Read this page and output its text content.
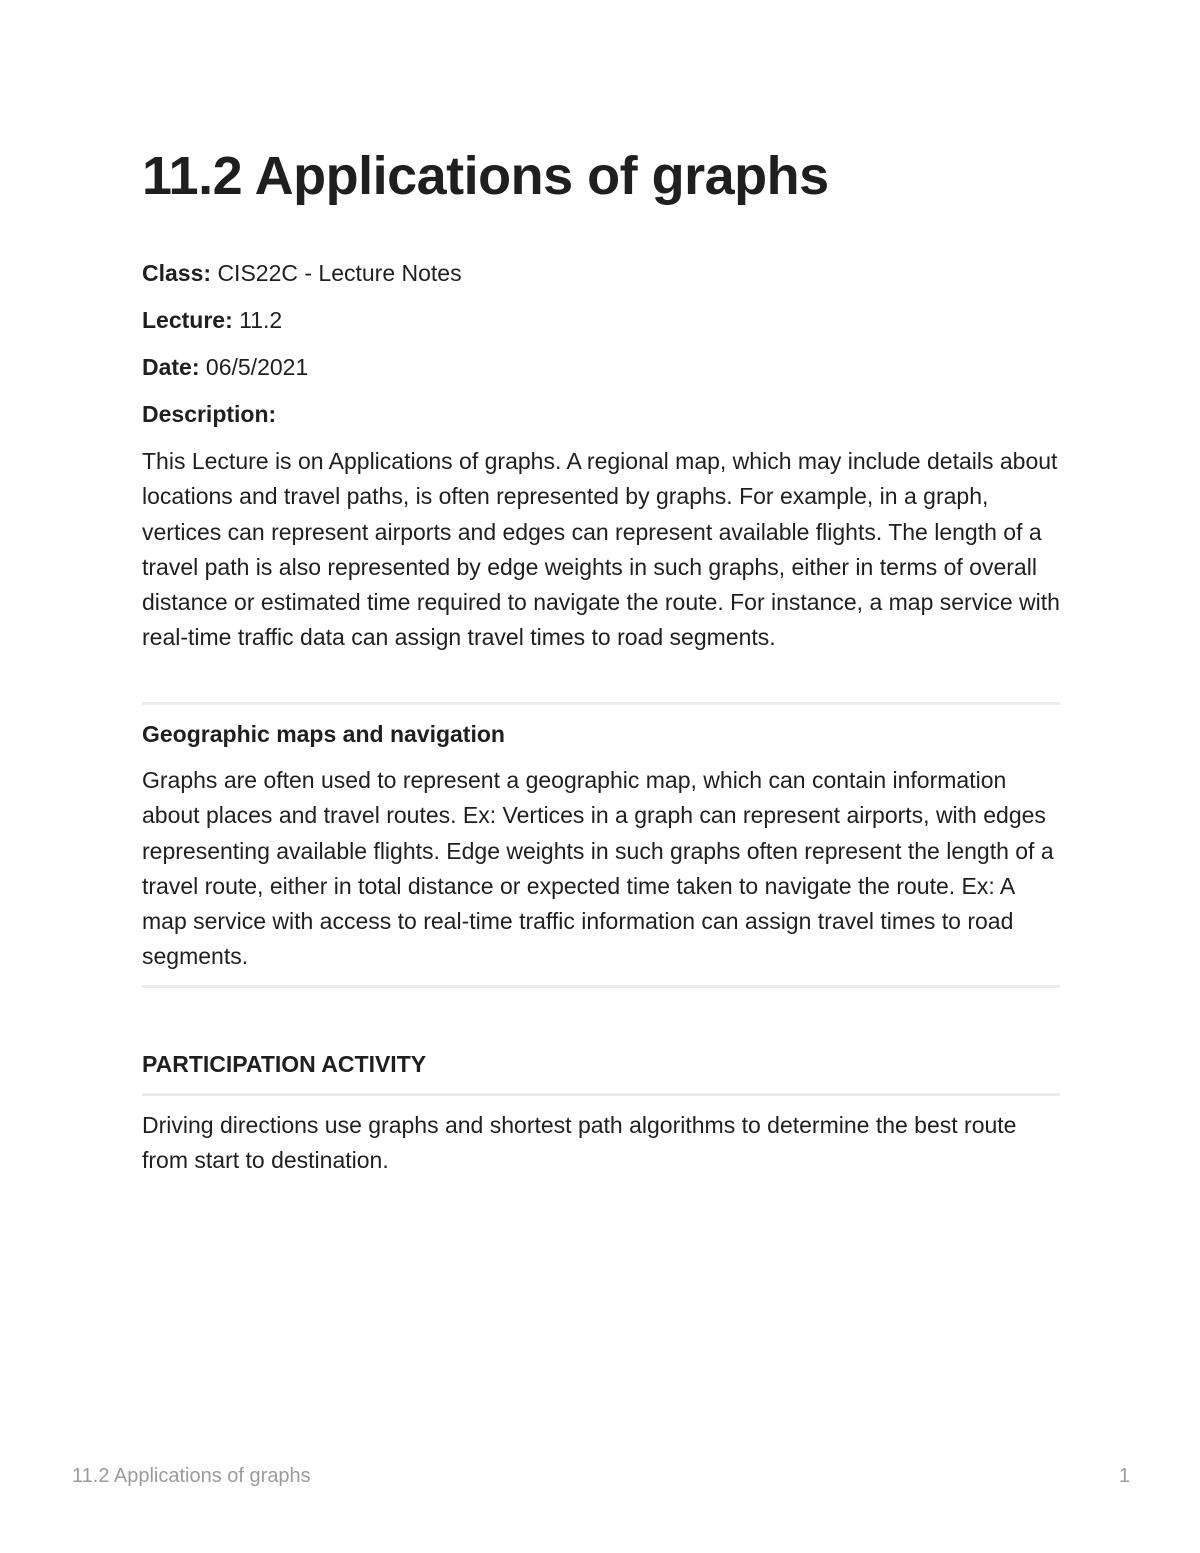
11.2 Applications of graphs
Class: CIS22C - Lecture Notes
Lecture: 11.2
Date: 06/5/2021
Description:

This Lecture is on Applications of graphs. A regional map, which may include details about locations and travel paths, is often represented by graphs. For example, in a graph, vertices can represent airports and edges can represent available flights. The length of a travel path is also represented by edge weights in such graphs, either in terms of overall distance or estimated time required to navigate the route. For instance, a map service with real-time traffic data can assign travel times to road segments.

Geographic maps and navigation

Graphs are often used to represent a geographic map, which can contain information about places and travel routes. Ex: Vertices in a graph can represent airports, with edges representing available flights. Edge weights in such graphs often represent the length of a travel route, either in total distance or expected time taken to navigate the route. Ex: A map service with access to real-time traffic information can assign travel times to road segments.

PARTICIPATION ACTIVITY

Driving directions use graphs and shortest path algorithms to determine the best route from start to destination.

11.2 Applications of graphs	1
